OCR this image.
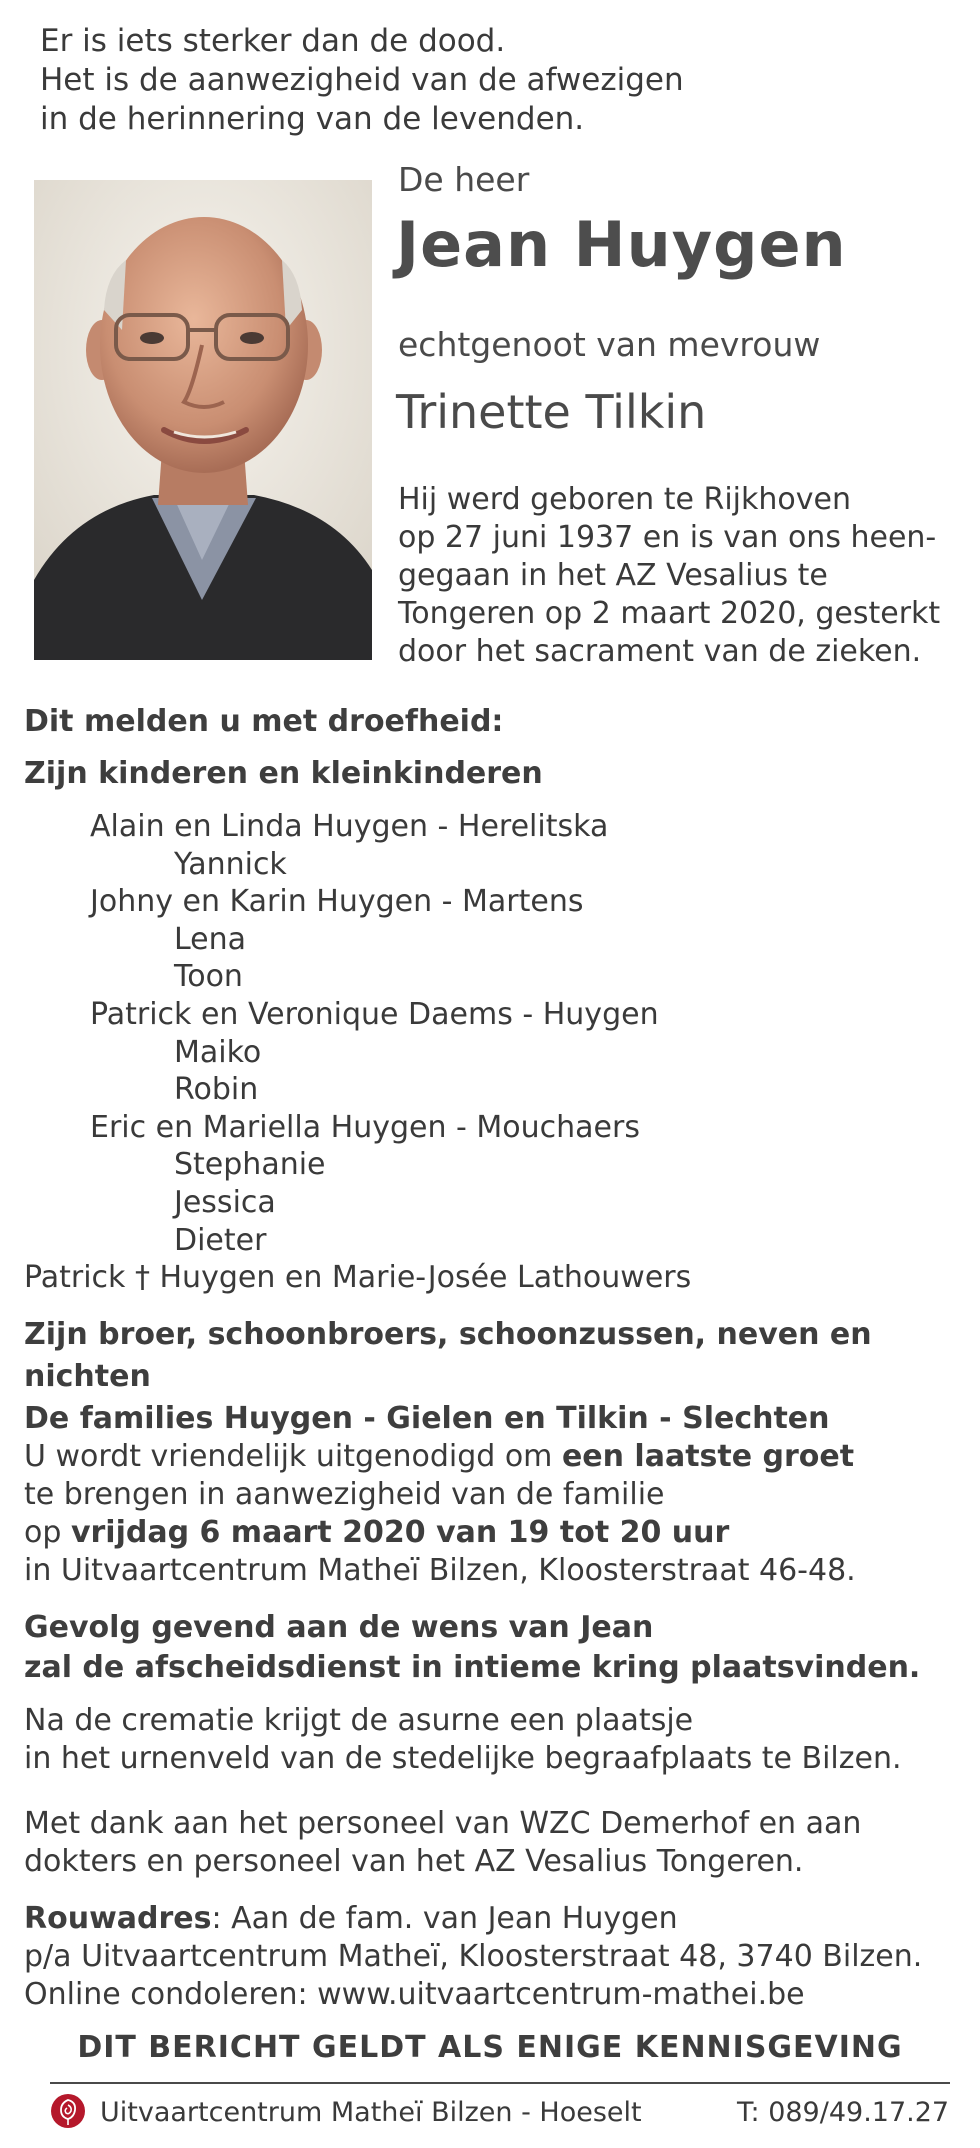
Er is iets sterker dan de dood.
Het is de aanwezigheid van de afwezigen
in de herinnering van de levenden.
De heer
Jean Huygen
echtgenoot van mevrouw
Trinette Tilkin
Hij werd geboren te Rijkhoven
op 27 juni 1937 en is van ons heen-
gegaan in het AZ Vesalius te
Tongeren op 2 maart 2020, gesterkt
door het sacrament van de zieken.
Dit melden u met droefheid:
Zijn kinderen en kleinkinderen
Alain en Linda Huygen - Herelitska
Yannick
Johny en Karin Huygen - Martens
Lena
Toon
Patrick en Veronique Daems - Huygen
Maiko
Robin
Eric en Mariella Huygen - Mouchaers
Stephanie
Jessica
Dieter
Patrick † Huygen en Marie-Josée Lathouwers
Zijn broer, schoonbroers, schoonzussen, neven en nichten
De families Huygen - Gielen en Tilkin - Slechten
U wordt vriendelijk uitgenodigd om een laatste groet
te brengen in aanwezigheid van de familie
op vrijdag 6 maart 2020 van 19 tot 20 uur
in Uitvaartcentrum Matheï Bilzen, Kloosterstraat 46-48.
Gevolg gevend aan de wens van Jean
zal de afscheidsdienst in intieme kring plaatsvinden.
Na de crematie krijgt de asurne een plaatsje
in het urnenveld van de stedelijke begraafplaats te Bilzen.
Met dank aan het personeel van WZC Demerhof en aan
dokters en personeel van het AZ Vesalius Tongeren.
Rouwadres: Aan de fam. van Jean Huygen
p/a Uitvaartcentrum Matheï, Kloosterstraat 48, 3740 Bilzen.
Online condoleren: www.uitvaartcentrum-mathei.be
DIT BERICHT GELDT ALS ENIGE KENNISGEVING
Uitvaartcentrum Matheï Bilzen - Hoeselt	T: 089/49.17.27
